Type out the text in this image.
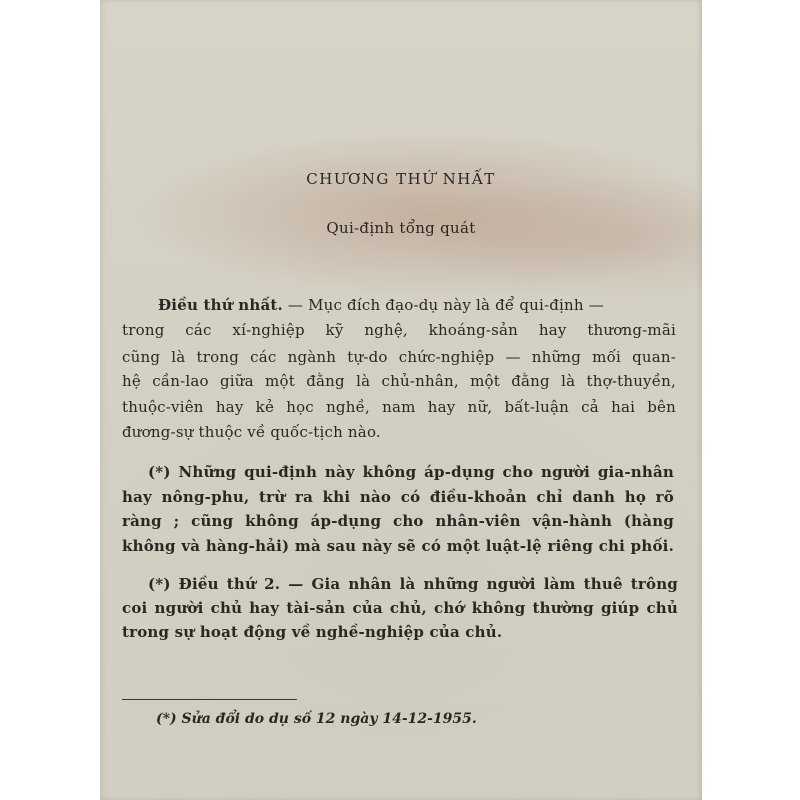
CHƯƠNG THỨ NHẤT
Qui-định tổng quát
Điều thứ nhất. — Mục đích đạo-dụ này là để qui-định —
trong các xí-nghiệp kỹ nghệ, khoáng-sản hay thương-mãi
cũng là trong các ngành tự-do chức-nghiệp — những mối quan-
hệ cần-lao giữa một đằng là chủ-nhân, một đằng là thợ-thuyền,
thuộc-viên hay kẻ học nghề, nam hay nữ, bất-luận cả hai bên
đương-sự thuộc về quốc-tịch nào.
(*) Những qui-định này không áp-dụng cho người gia-nhân
hay nông-phu, trừ ra khi nào có điều-khoản chỉ danh họ rõ
ràng ; cũng không áp-dụng cho nhân-viên vận-hành (hàng
không và hàng-hải) mà sau này sẽ có một luật-lệ riêng chi phối.
(*) Điều thứ 2. — Gia nhân là những người làm thuê trông
coi người chủ hay tài-sản của chủ, chớ không thường giúp chủ
trong sự hoạt động về nghề-nghiệp của chủ.
(*) Sửa đổi do dụ số 12 ngày 14-12-1955.
